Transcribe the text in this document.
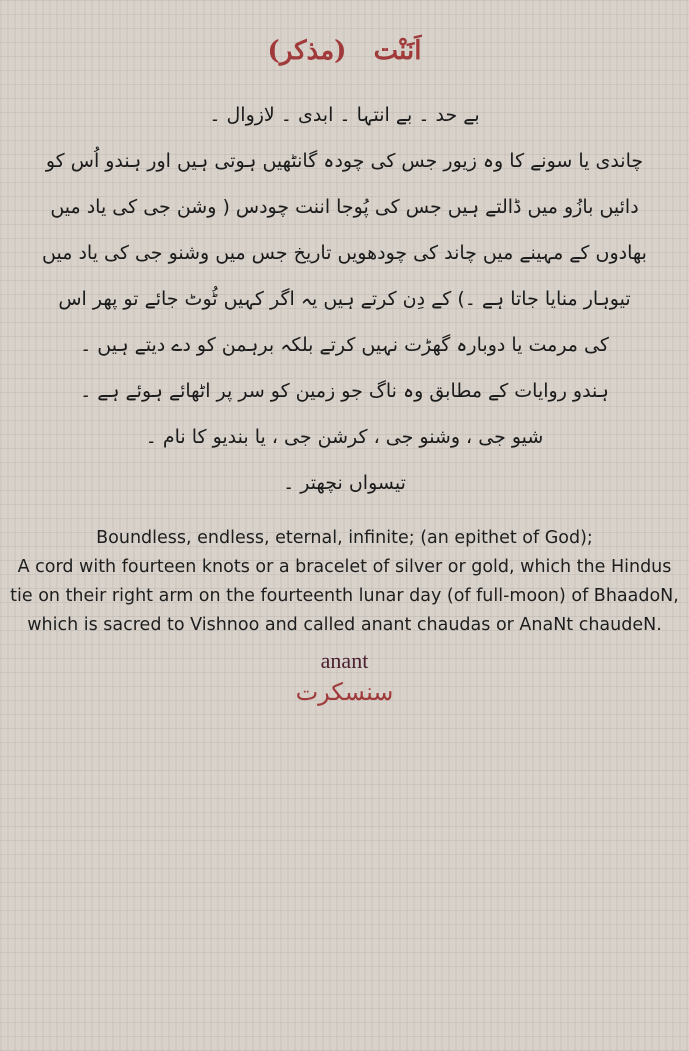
اَنَنْت   (مذکر)

بے حد ۔ بے انتہا ۔ ابدی ۔ لازوال ۔

چاندی یا سونے کا وہ زیور جس کی چودہ گانٹھیں ہوتی ہیں اور ہندو اُس کو

دائیں بازُو میں ڈالتے ہیں جس کی پُوجا اننت چودس ( وشن جی کی یاد میں

بھادوں کے مہینے میں چاند کی چودھویں تاریخ جس میں وشنو جی کی یاد میں

تیوہار منایا جاتا ہے ۔) کے دِن کرتے ہیں یہ اگر کہیں ٹُوٹ جائے تو پھر اس

کی مرمت یا دوبارہ گھڑت نہیں کرتے بلکہ برہمن کو دے دیتے ہیں ۔

ہندو روایات کے مطابق وہ ناگ جو زمین کو سر پر اٹھائے ہوئے ہے ۔

شیو جی ، وشنو جی ، کرشن جی ، یا بندیو کا نام ۔

تیسواں نچھتر ۔

Boundless, endless, eternal, infinite; (an epithet of God);

A cord with fourteen knots or a bracelet of silver or gold, which the Hindus tie on their right arm on the fourteenth lunar day (of full-moon) of BhaadoN, which is sacred to Vishnoo and called anant chaudas or AnaNt chaudeN.

anant
سنسکرت
